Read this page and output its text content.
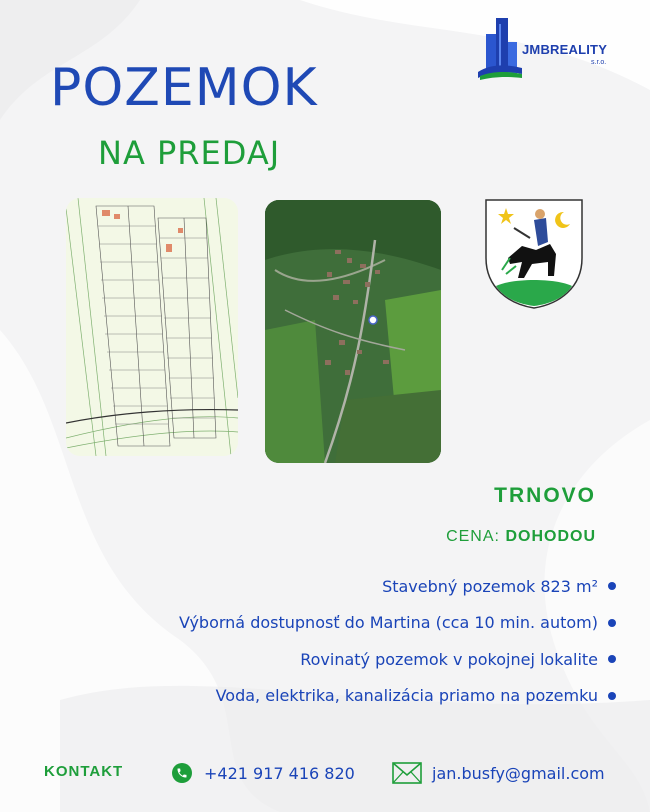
JMBREALITY
s.r.o.
POZEMOK
NA PREDAJ
TRNOVO
CENA: DOHODOU
Stavebný pozemok 823 m²
Výborná dostupnosť do Martina (cca 10 min. autom)
Rovinatý pozemok v pokojnej lokalite
Voda, elektrika, kanalizácia priamo na pozemku
KONTAKT	+421 917 416 820	jan.busfy@gmail.com
